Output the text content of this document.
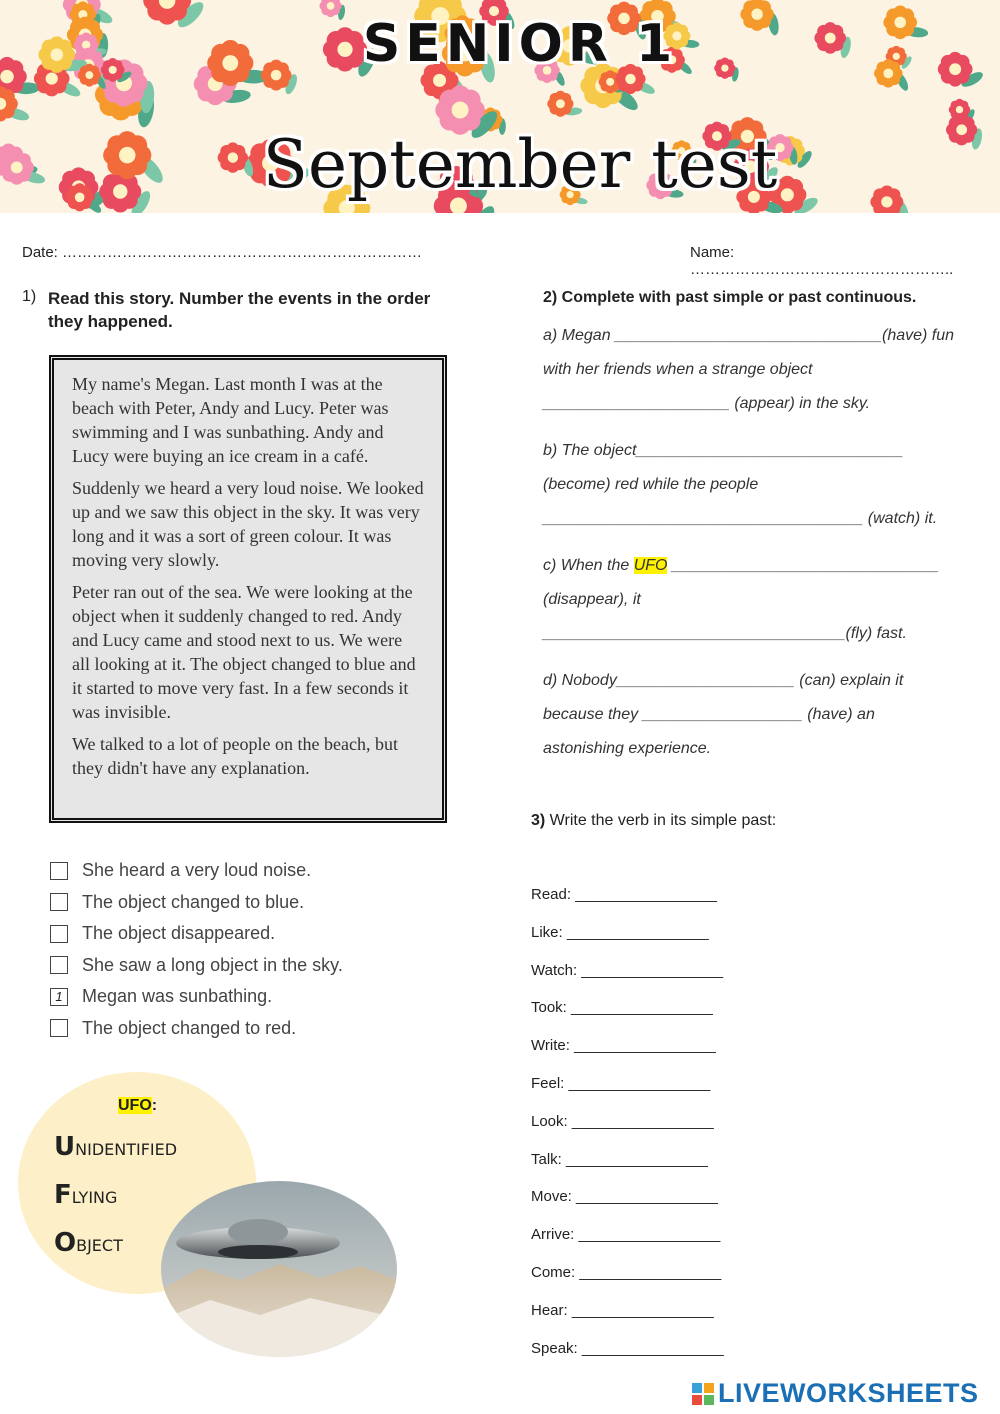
SENIOR 1
September test
Date: ………………………………………………………………	Name: ……………………………………………..
1) Read this story. Number the events in the order they happened.

My name's Megan. Last month I was at the beach with Peter, Andy and Lucy. Peter was swimming and I was sunbathing. Andy and Lucy were buying an ice cream in a café.

Suddenly we heard a very loud noise. We looked up and we saw this object in the sky. It was very long and it was a sort of green colour. It was moving very slowly.

Peter ran out of the sea. We were looking at the object when it suddenly changed to red. Andy and Lucy came and stood next to us. We were all looking at it. The object changed to blue and it started to move very fast. In a few seconds it was invisible.

We talked to a lot of people on the beach, but they didn't have any explanation.

She heard a very loud noise.
The object changed to blue.
The object disappeared.
She saw a long object in the sky.
1 Megan was sunbathing.
The object changed to red.
UFO:
UNIDENTIFIED
FLYING
OBJECT
2) Complete with past simple or past continuous.
a) Megan ______________________________(have) fun
with her friends when a strange object
_____________________ (appear) in the sky.
b) The object______________________________
(become) red while the people
____________________________________ (watch) it.
c) When the UFO ______________________________
(disappear), it
__________________________________(fly) fast.
d) Nobody____________________ (can) explain it
because they __________________ (have) an
astonishing experience.
3) Write the verb in its simple past:
Read: _________________
Like: _________________
Watch: _________________
Took: _________________
Write: _________________
Feel: _________________
Look: _________________
Talk: _________________
Move: _________________
Arrive: _________________
Come: _________________
Hear: _________________
Speak: _________________
LIVEWORKSHEETS
